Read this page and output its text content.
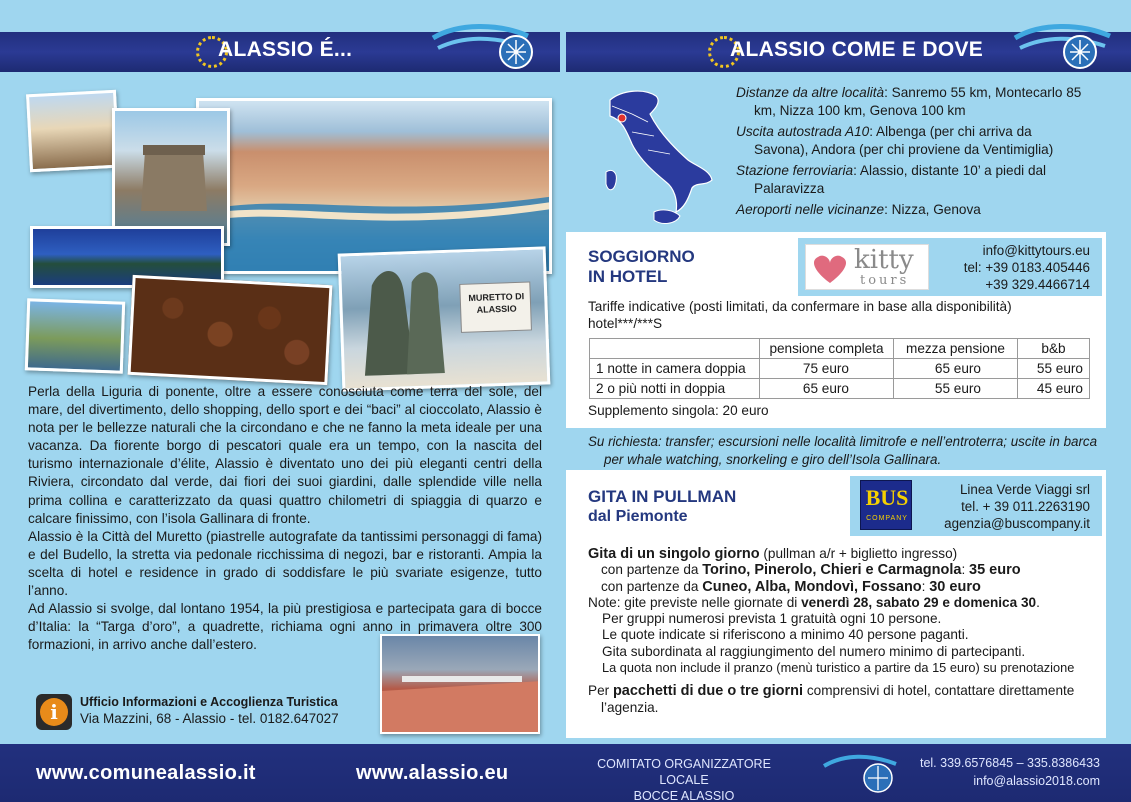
ALASSIO É...	ALASSIO COME E DOVE
MURETTO DI ALASSIO

Perla della Liguria di ponente, oltre a essere conosciuta come terra del sole, del mare, del divertimento, dello shopping, dello sport e dei “baci” al cioccolato, Alassio è nota per le bellezze naturali che la circondano e che ne fanno la meta ideale per una vacanza. Da fiorente borgo di pescatori quale era un tempo, con la nascita del turismo internazionale d’élite, Alassio è diventato uno dei più eleganti centri della Riviera, circondato dal verde, dai fiori dei suoi giardini, dalle splendide ville nella prima collina e caratterizzato da quasi quattro chilometri di spiaggia di quarzo e calcare finissimo, con l’isola Gallinara di fronte.

Alassio è la Città del Muretto (piastrelle autografate da tantissimi personaggi di fama) e del Budello, la stretta via pedonale ricchissima di negozi, bar e ristoranti. Ampia la scelta di hotel e residence in grado di soddisfare le più svariate esigenze, tutto l’anno.

Ad Alassio si svolge, dal lontano 1954, la più prestigiosa e partecipata gara di bocce d’Italia: la “Targa d’oro”, a quadrette, richiama ogni anno in primavera oltre 300 formazioni, in arrivo anche dall’estero.

i	Ufficio Informazioni e Accoglienza Turistica
Via Mazzini, 68 - Alassio - tel. 0182.647027

Distanze da altre località: Sanremo 55 km, Montecarlo 85 km, Nizza 100 km, Genova 100 km

Uscita autostrada A10: Albenga (per chi arriva da Savona), Andora (per chi proviene da Ventimiglia)

Stazione ferroviaria: Alassio, distante 10’ a piedi dal Palaravizza

Aeroporti nelle vicinanze: Nizza, Genova

SOGGIORNO
IN HOTEL
kitty
tours
info@kittytours.eu
tel: +39 0183.405446
+39 329.4466714
Tariffe indicative (posti limitati, da confermare in base alla disponibilità)
hotel***/***S
	pensione completa	mezza pensione	b&b
1 notte in camera doppia	75 euro	65 euro	55 euro
2 o più notti in doppia	65 euro	55 euro	45 euro
Supplemento singola: 20 euro
Su richiesta: transfer; escursioni nelle località limitrofe e nell’entroterra; uscite in barca per whale watching, snorkeling e giro dell’Isola Gallinara.
GITA IN PULLMAN
dal Piemonte
BUS
COMPANY
Linea Verde Viaggi srl
tel. + 39 011.2263190
agenzia@buscompany.it
Gita di un singolo giorno (pullman a/r + biglietto ingresso)
con partenze da Torino, Pinerolo, Chieri e Carmagnola: 35 euro
con partenze da Cuneo, Alba, Mondovì, Fossano: 30 euro
Note: gite previste nelle giornate di venerdì 28, sabato 29 e domenica 30.
Per gruppi numerosi prevista 1 gratuità ogni 10 persone.
Le quote indicate si riferiscono a minimo 40 persone paganti.
Gita subordinata al raggiungimento del numero minimo di partecipanti.
La quota non include il pranzo (menù turistico a partire da 15 euro) su prenotazione
Per pacchetti di due o tre giorni comprensivi di hotel, contattare direttamente l’agenzia.
www.comunealassio.it	www.alassio.eu	COMITATO ORGANIZZATORE LOCALE
BOCCE ALASSIO
tel. 339.6576845 – 335.8386433
info@alassio2018.com
